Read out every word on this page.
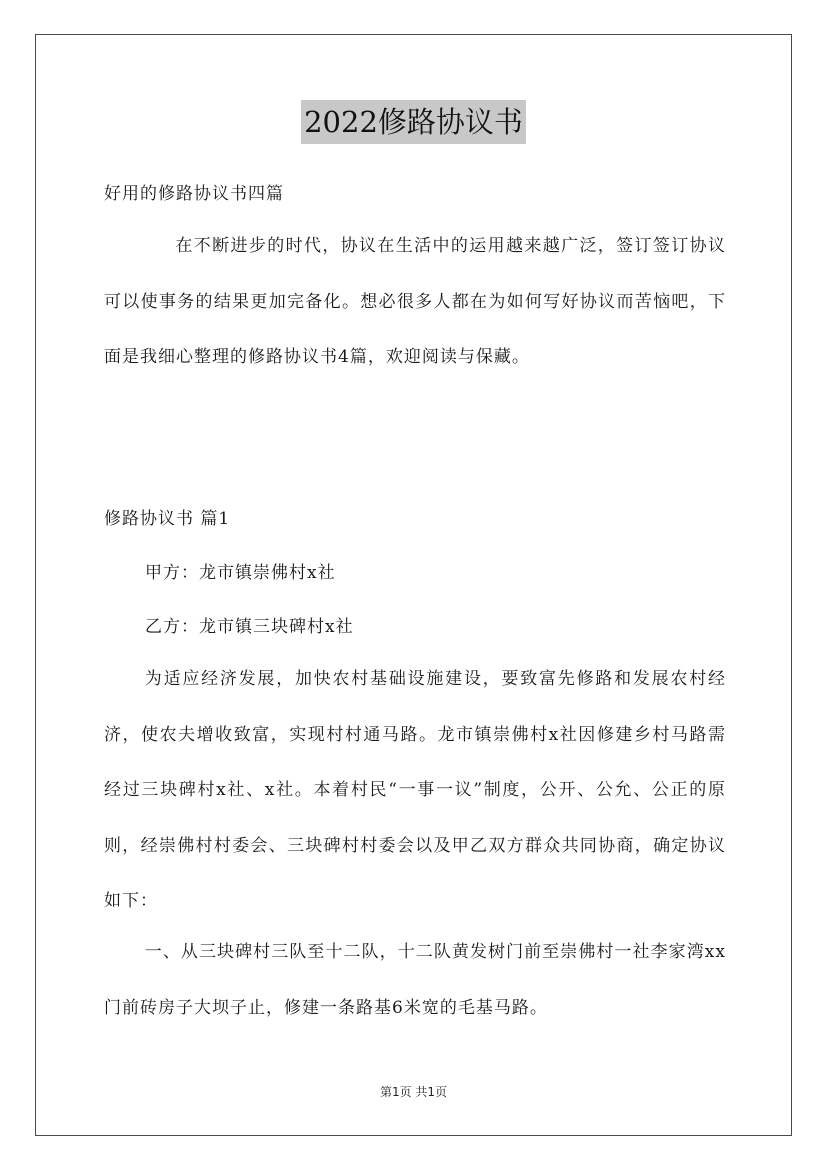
2022修路协议书
好用的修路协议书四篇
在不断进步的时代，协议在生活中的运用越来越广泛，签订签订协议可以使事务的结果更加完备化。想必很多人都在为如何写好协议而苦恼吧，下面是我细心整理的修路协议书4篇，欢迎阅读与保藏。
修路协议书 篇1
甲方：龙市镇崇佛村x社
乙方：龙市镇三块碑村x社
为适应经济发展，加快农村基础设施建设，要致富先修路和发展农村经济，使农夫增收致富，实现村村通马路。龙市镇崇佛村x社因修建乡村马路需经过三块碑村x社、x社。本着村民“一事一议”制度，公开、公允、公正的原则，经崇佛村村委会、三块碑村村委会以及甲乙双方群众共同协商，确定协议如下：
一、从三块碑村三队至十二队，十二队黄发树门前至崇佛村一社李家湾xx门前砖房子大坝子止，修建一条路基6米宽的毛基马路。
第1页 共1页
